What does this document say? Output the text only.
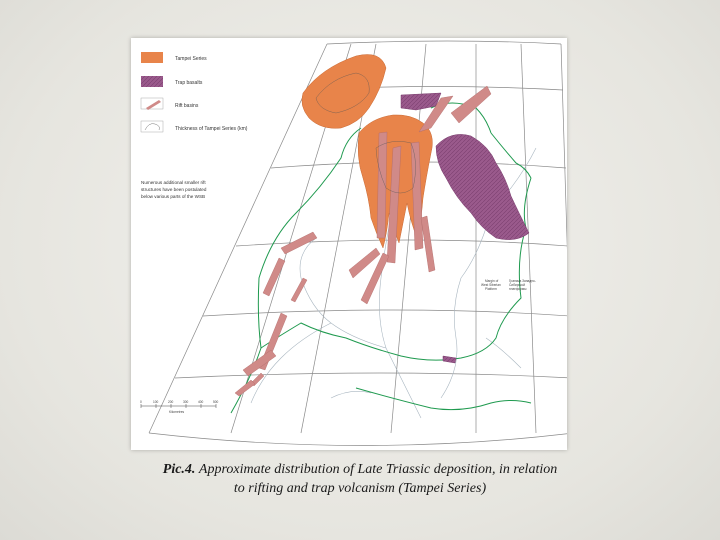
Tampei Series
Trap basalts
Rift basins
Thickness of Tampei Series (km)
Numerous additional smaller rift
structures have been postulated
below various parts of the WSB
Margin of
West Siberian
Platform
Граница Западно-
Сибирской
платформы
0	100	200	300	400	500
Kilometres
Pic.4. Approximate distribution of Late Triassic deposition, in relation
to rifting and trap volcanism (Tampei Series)
